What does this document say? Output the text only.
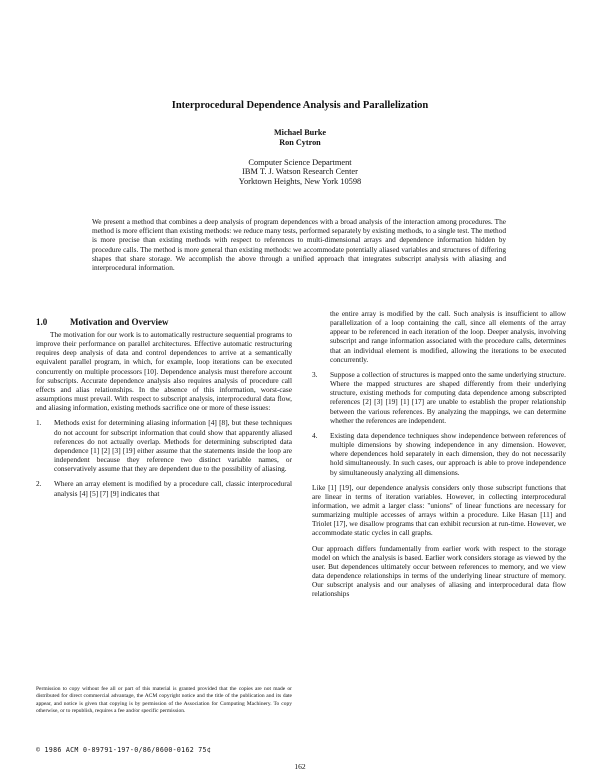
Interprocedural Dependence Analysis and Parallelization
Michael Burke
Ron Cytron
Computer Science Department
IBM T. J. Watson Research Center
Yorktown Heights, New York 10598

We present a method that combines a deep analysis of program dependences with a broad analysis of the interaction among procedures. The method is more efficient than existing methods: we reduce many tests, performed separately by existing methods, to a single test. The method is more precise than existing methods with respect to references to multi-dimensional arrays and dependence information hidden by procedure calls. The method is more general than existing methods: we accommodate potentially aliased variables and structures of differing shapes that share storage. We accomplish the above through a unified approach that integrates subscript analysis with aliasing and interprocedural information.

1.0	Motivation and Overview

The motivation for our work is to automatically restructure sequential programs to improve their performance on parallel architectures. Effective automatic restructuring requires deep analysis of data and control dependences to arrive at a semantically equivalent parallel program, in which, for example, loop iterations can be executed concurrently on multiple processors [10]. Dependence analysis must therefore account for subscripts. Accurate dependence analysis also requires analysis of procedure call effects and alias relationships. In the absence of this information, worst-case assumptions must prevail. With respect to subscript analysis, interprocedural data flow, and aliasing information, existing methods sacrifice one or more of these issues:

1.	Methods exist for determining aliasing information [4] [8], but these techniques do not account for subscript information that could show that apparently aliased references do not actually overlap. Methods for determining subscripted data dependence [1] [2] [3] [19] either assume that the statements inside the loop are independent because they reference two distinct variable names, or conservatively assume that they are dependent due to the possibility of aliasing.
2.	Where an array element is modified by a procedure call, classic interprocedural analysis [4] [5] [7] [9] indicates that
the entire array is modified by the call. Such analysis is insufficient to allow parallelization of a loop containing the call, since all elements of the array appear to be referenced in each iteration of the loop. Deeper analysis, involving subscript and range information associated with the procedure calls, determines that an individual element is modified, allowing the iterations to be executed concurrently.
3.	Suppose a collection of structures is mapped onto the same underlying structure. Where the mapped structures are shaped differently from their underlying structure, existing methods for computing data dependence among subscripted references [2] [3] [19] [1] [17] are unable to establish the proper relationship between the various references. By analyzing the mappings, we can determine whether the references are independent.
4.	Existing data dependence techniques show independence between references of multiple dimensions by showing independence in any dimension. However, where dependences hold separately in each dimension, they do not necessarily hold simultaneously. In such cases, our approach is able to prove independence by simultaneously analyzing all dimensions.

Like [1] [19], our dependence analysis considers only those subscript functions that are linear in terms of iteration variables. However, in collecting interprocedural information, we admit a larger class: "unions" of linear functions are necessary for summarizing multiple accesses of arrays within a procedure. Like Hasan [11] and Triolet [17], we disallow programs that can exhibit recursion at run-time. However, we accommodate static cycles in call graphs.

Our approach differs fundamentally from earlier work with respect to the storage model on which the analysis is based. Earlier work considers storage as viewed by the user. But dependences ultimately occur between references to memory, and we view data dependence relationships in terms of the underlying linear structure of memory. Our subscript analysis and our analyses of aliasing and interprocedural data flow relationships

Permission to copy without fee all or part of this material is granted provided that the copies are not made or distributed for direct commercial advantage, the ACM copyright notice and the title of the publication and its date appear, and notice is given that copying is by permission of the Association for Computing Machinery. To copy otherwise, or to republish, requires a fee and/or specific permission.

© 1986 ACM 0-89791-197-0/86/0600-0162 75¢
162
